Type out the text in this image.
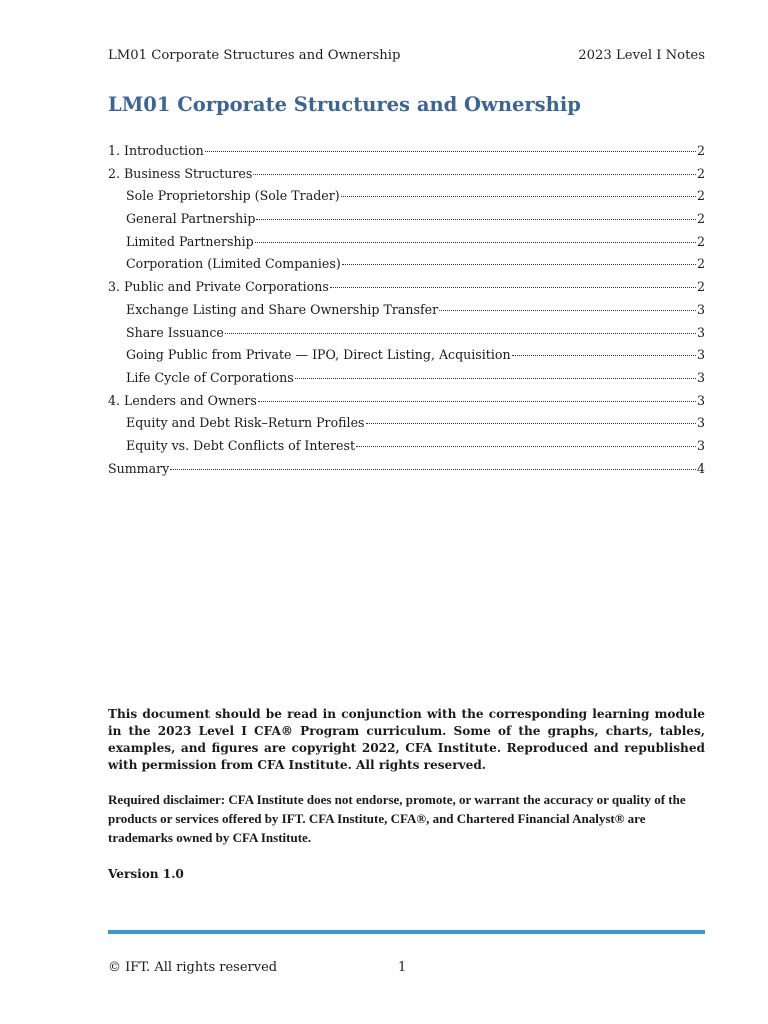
LM01 Corporate Structures and Ownership	2023 Level I Notes
LM01 Corporate Structures and Ownership
1. Introduction	2
2. Business Structures	2
Sole Proprietorship (Sole Trader)	2
General Partnership	2
Limited Partnership	2
Corporation (Limited Companies)	2
3. Public and Private Corporations	2
Exchange Listing and Share Ownership Transfer	3
Share Issuance	3
Going Public from Private — IPO, Direct Listing, Acquisition	3
Life Cycle of Corporations	3
4. Lenders and Owners	3
Equity and Debt Risk–Return Profiles	3
Equity vs. Debt Conflicts of Interest	3
Summary	4

This document should be read in conjunction with the corresponding learning module in the 2023 Level I CFA® Program curriculum. Some of the graphs, charts, tables, examples, and figures are copyright 2022, CFA Institute. Reproduced and republished with permission from CFA Institute. All rights reserved.

Required disclaimer: CFA Institute does not endorse, promote, or warrant the accuracy or quality of the products or services offered by IFT. CFA Institute, CFA®, and Chartered Financial Analyst® are trademarks owned by CFA Institute.

Version 1.0
© IFT. All rights reserved	1
